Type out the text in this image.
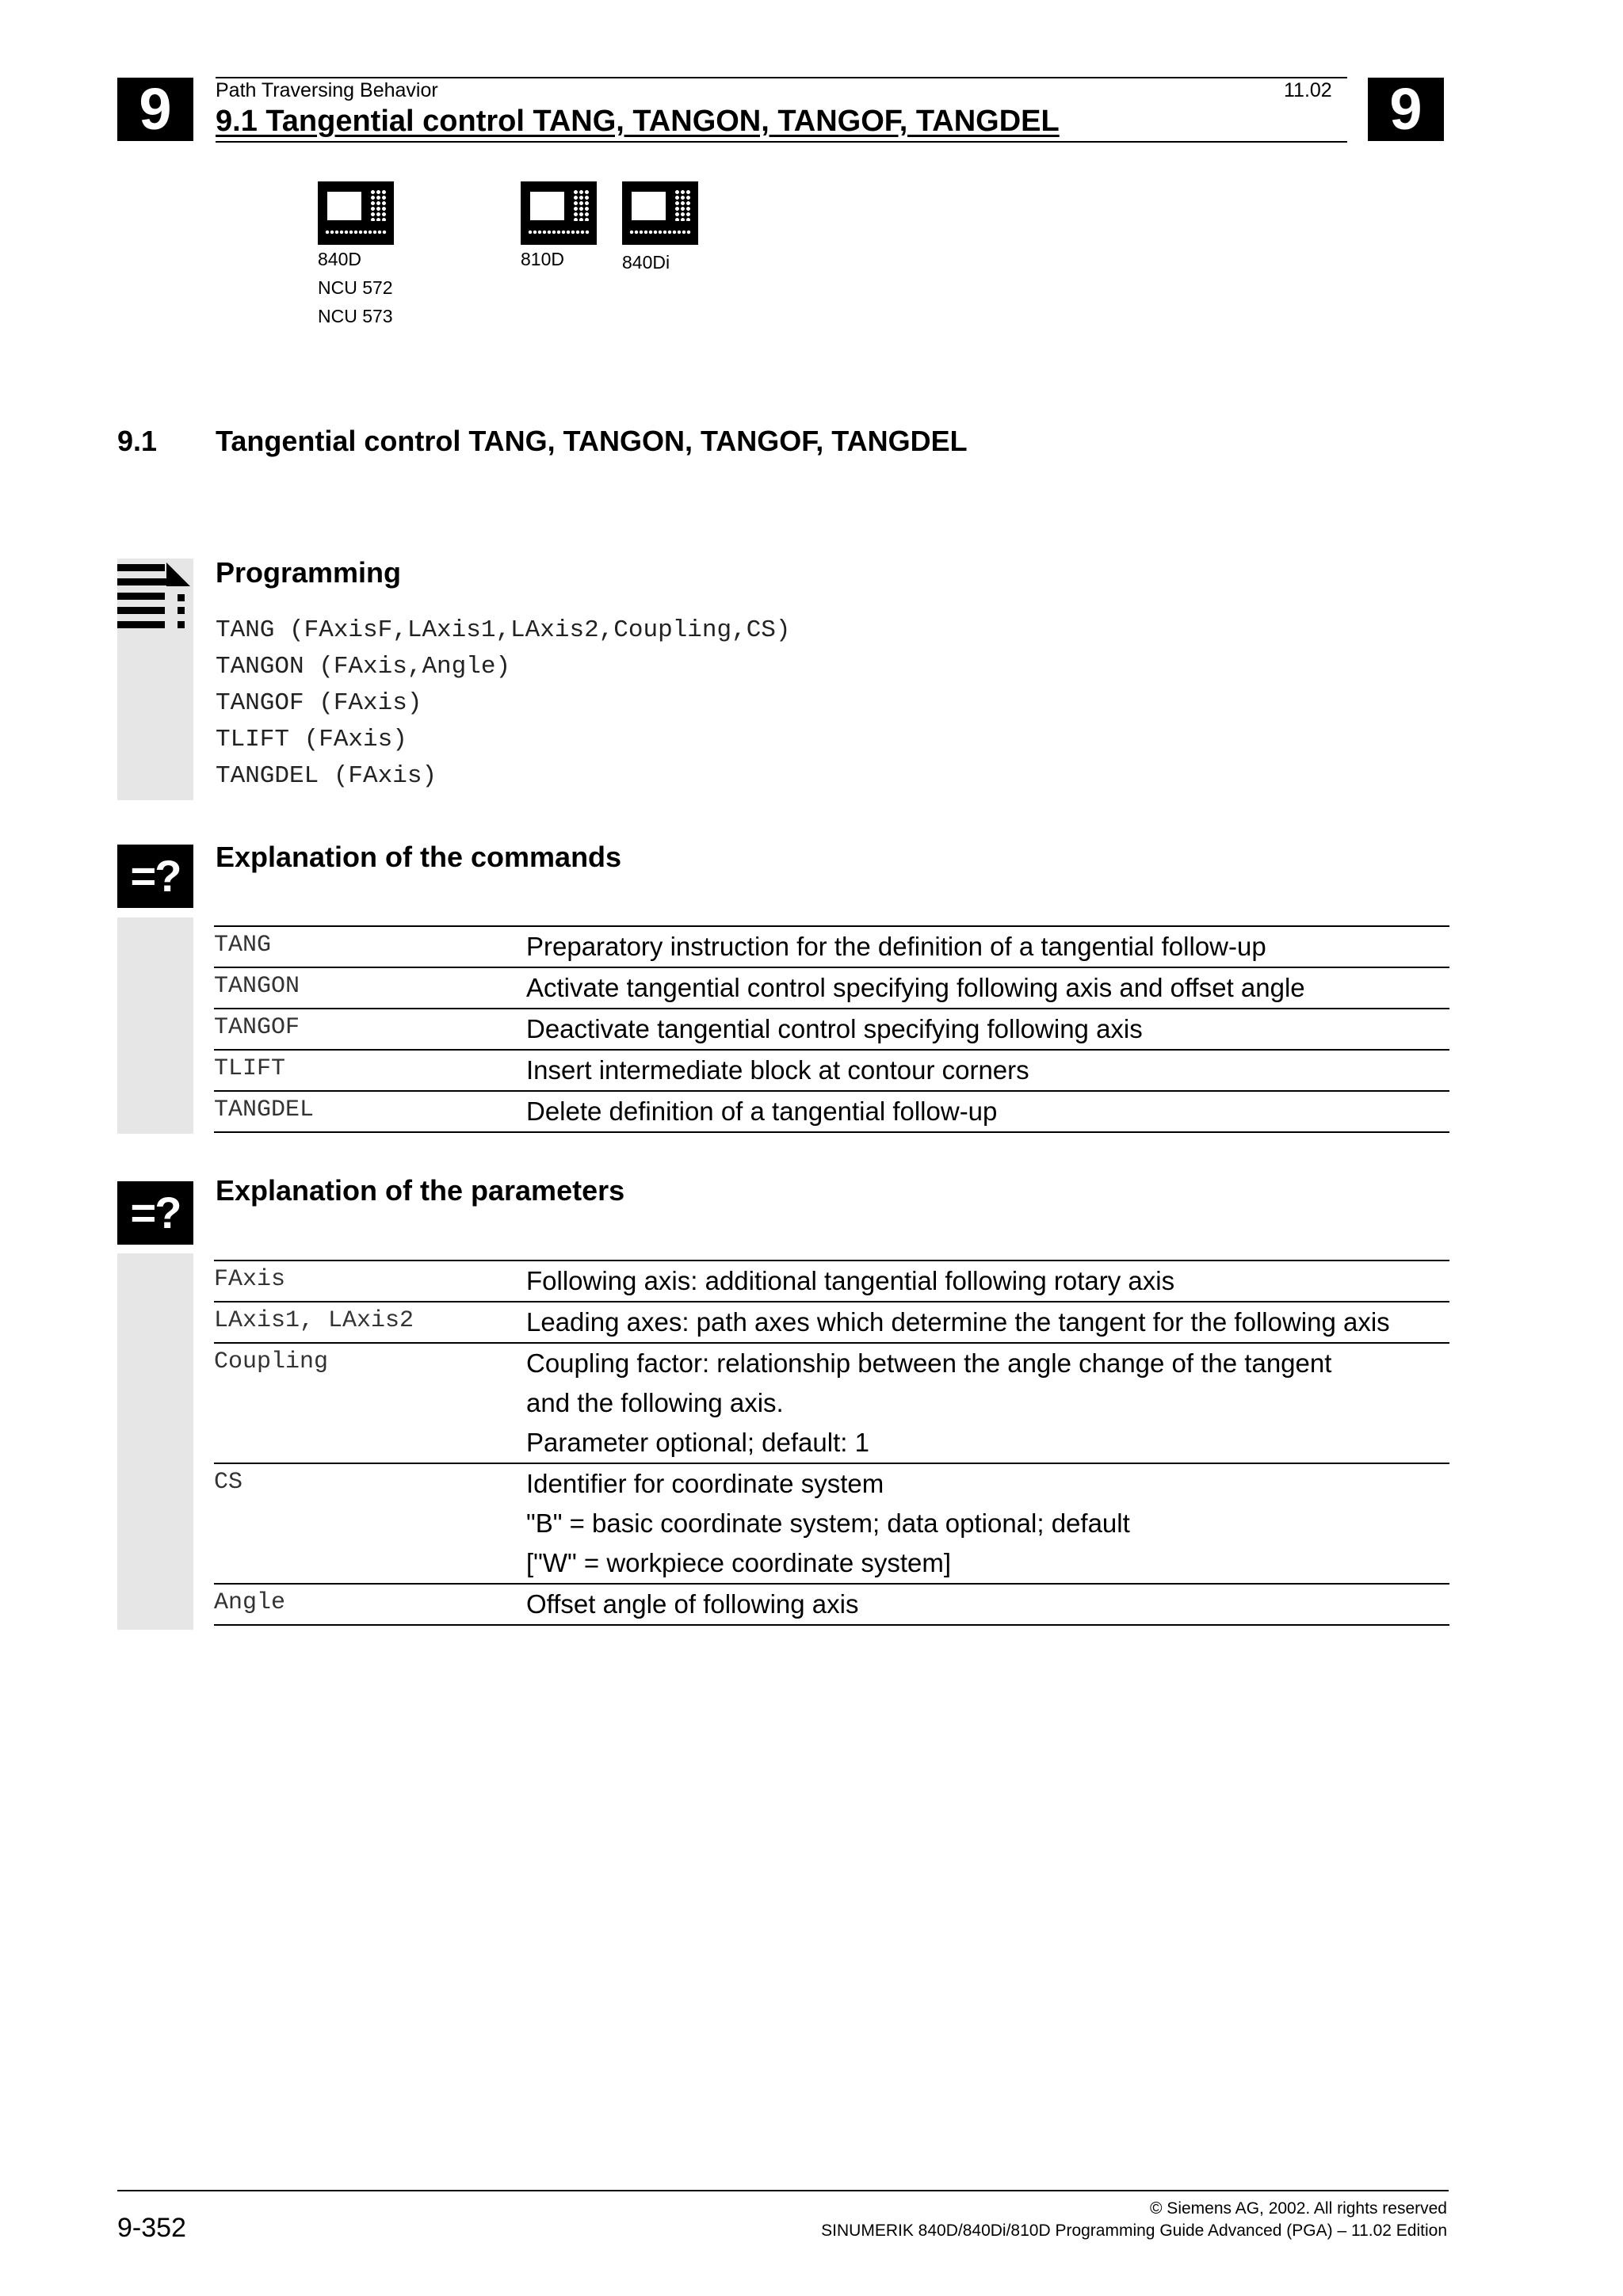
9	Path Traversing Behavior	11.02
9.1 Tangential control TANG, TANGON, TANGOF, TANGDEL	9
840D
NCU 572
NCU 573
810D	840Di
9.1 Tangential control TANG, TANGON, TANGOF, TANGDEL
Programming
TANG (FAxisF,LAxis1,LAxis2,Coupling,CS)
TANGON (FAxis,Angle)
TANGOF (FAxis)
TLIFT (FAxis)
TANGDEL (FAxis)
=?	Explanation of the commands
TANG	Preparatory instruction for the definition of a tangential follow-up
TANGON	Activate tangential control specifying following axis and offset angle
TANGOF	Deactivate tangential control specifying following axis
TLIFT	Insert intermediate block at contour corners
TANGDEL	Delete definition of a tangential follow-up
=?	Explanation of the parameters
FAxis	Following axis: additional tangential following rotary axis

LAxis1, LAxis2	Leading axes: path axes which determine the tangent for the following axis

Coupling	Coupling factor: relationship between the angle change of the tangent
and the following axis.
Parameter optional; default: 1

CS	Identifier for coordinate system
"B" = basic coordinate system; data optional; default
["W" = workpiece coordinate system]

Angle	Offset angle of following axis
9-352
© Siemens AG, 2002. All rights reserved
SINUMERIK 840D/840Di/810D Programming Guide Advanced (PGA) – 11.02 Edition
